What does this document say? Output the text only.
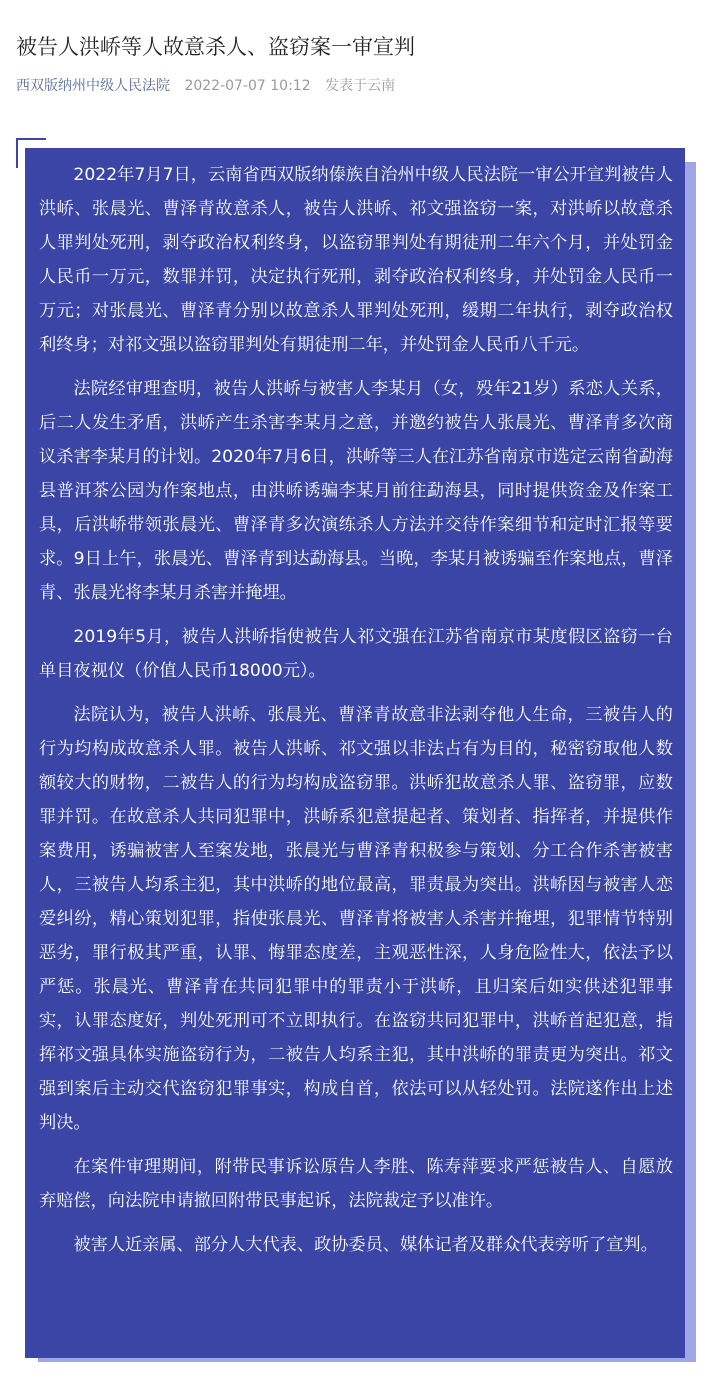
被告人洪峤等人故意杀人、盗窃案一审宣判
西双版纳州中级人民法院 2022-07-07 10:12 发表于云南

2022年7月7日，云南省西双版纳傣族自治州中级人民法院一审公开宣判被告人洪峤、张晨光、曹泽青故意杀人，被告人洪峤、祁文强盗窃一案，对洪峤以故意杀人罪判处死刑，剥夺政治权利终身，以盗窃罪判处有期徒刑二年六个月，并处罚金人民币一万元，数罪并罚，决定执行死刑，剥夺政治权利终身，并处罚金人民币一万元；对张晨光、曹泽青分别以故意杀人罪判处死刑，缓期二年执行，剥夺政治权利终身；对祁文强以盗窃罪判处有期徒刑二年，并处罚金人民币八千元。

法院经审理查明，被告人洪峤与被害人李某月（女，殁年21岁）系恋人关系，后二人发生矛盾，洪峤产生杀害李某月之意，并邀约被告人张晨光、曹泽青多次商议杀害李某月的计划。2020年7月6日，洪峤等三人在江苏省南京市选定云南省勐海县普洱茶公园为作案地点，由洪峤诱骗李某月前往勐海县，同时提供资金及作案工具，后洪峤带领张晨光、曹泽青多次演练杀人方法并交待作案细节和定时汇报等要求。9日上午，张晨光、曹泽青到达勐海县。当晚，李某月被诱骗至作案地点，曹泽青、张晨光将李某月杀害并掩埋。

2019年5月，被告人洪峤指使被告人祁文强在江苏省南京市某度假区盗窃一台单目夜视仪（价值人民币18000元）。

法院认为，被告人洪峤、张晨光、曹泽青故意非法剥夺他人生命，三被告人的行为均构成故意杀人罪。被告人洪峤、祁文强以非法占有为目的，秘密窃取他人数额较大的财物，二被告人的行为均构成盗窃罪。洪峤犯故意杀人罪、盗窃罪，应数罪并罚。在故意杀人共同犯罪中，洪峤系犯意提起者、策划者、指挥者，并提供作案费用，诱骗被害人至案发地，张晨光与曹泽青积极参与策划、分工合作杀害被害人，三被告人均系主犯，其中洪峤的地位最高，罪责最为突出。洪峤因与被害人恋爱纠纷，精心策划犯罪，指使张晨光、曹泽青将被害人杀害并掩埋，犯罪情节特别恶劣，罪行极其严重，认罪、悔罪态度差，主观恶性深，人身危险性大，依法予以严惩。张晨光、曹泽青在共同犯罪中的罪责小于洪峤，且归案后如实供述犯罪事实，认罪态度好，判处死刑可不立即执行。在盗窃共同犯罪中，洪峤首起犯意，指挥祁文强具体实施盗窃行为，二被告人均系主犯，其中洪峤的罪责更为突出。祁文强到案后主动交代盗窃犯罪事实，构成自首，依法可以从轻处罚。法院遂作出上述判决。

在案件审理期间，附带民事诉讼原告人李胜、陈寿萍要求严惩被告人、自愿放弃赔偿，向法院申请撤回附带民事起诉，法院裁定予以准许。

被害人近亲属、部分人大代表、政协委员、媒体记者及群众代表旁听了宣判。
